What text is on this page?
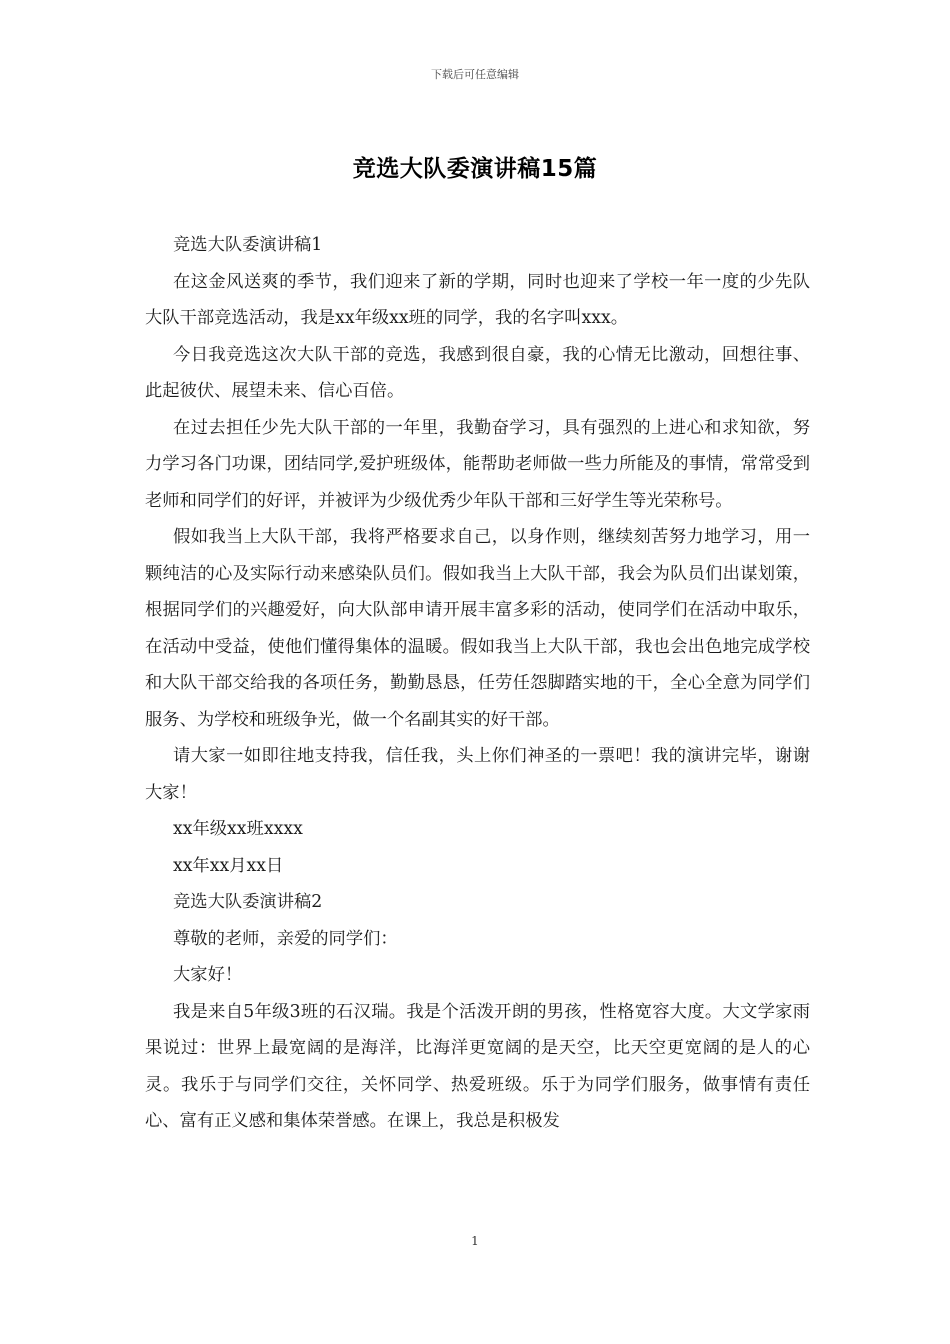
下载后可任意编辑
竞选大队委演讲稿15篇

竞选大队委演讲稿1

在这金风送爽的季节，我们迎来了新的学期，同时也迎来了学校一年一度的少先队大队干部竞选活动，我是xx年级xx班的同学，我的名字叫xxx。

今日我竞选这次大队干部的竞选，我感到很自豪，我的心情无比激动，回想往事、此起彼伏、展望未来、信心百倍。

在过去担任少先大队干部的一年里，我勤奋学习，具有强烈的上进心和求知欲，努力学习各门功课，团结同学,爱护班级体，能帮助老师做一些力所能及的事情，常常受到老师和同学们的好评，并被评为少级优秀少年队干部和三好学生等光荣称号。

假如我当上大队干部，我将严格要求自己，以身作则，继续刻苦努力地学习，用一颗纯洁的心及实际行动来感染队员们。假如我当上大队干部，我会为队员们出谋划策，根据同学们的兴趣爱好，向大队部申请开展丰富多彩的活动，使同学们在活动中取乐，在活动中受益，使他们懂得集体的温暖。假如我当上大队干部，我也会出色地完成学校和大队干部交给我的各项任务，勤勤恳恳，任劳任怨脚踏实地的干，全心全意为同学们服务、为学校和班级争光，做一个名副其实的好干部。

请大家一如即往地支持我，信任我，头上你们神圣的一票吧！我的演讲完毕，谢谢大家！

xx年级xx班xxxx

xx年xx月xx日

竞选大队委演讲稿2

尊敬的老师，亲爱的同学们：

大家好！

我是来自5年级3班的石汉瑞。我是个活泼开朗的男孩，性格宽容大度。大文学家雨果说过：世界上最宽阔的是海洋，比海洋更宽阔的是天空，比天空更宽阔的是人的心灵。我乐于与同学们交往，关怀同学、热爱班级。乐于为同学们服务，做事情有责任心、富有正义感和集体荣誉感。在课上，我总是积极发

1
